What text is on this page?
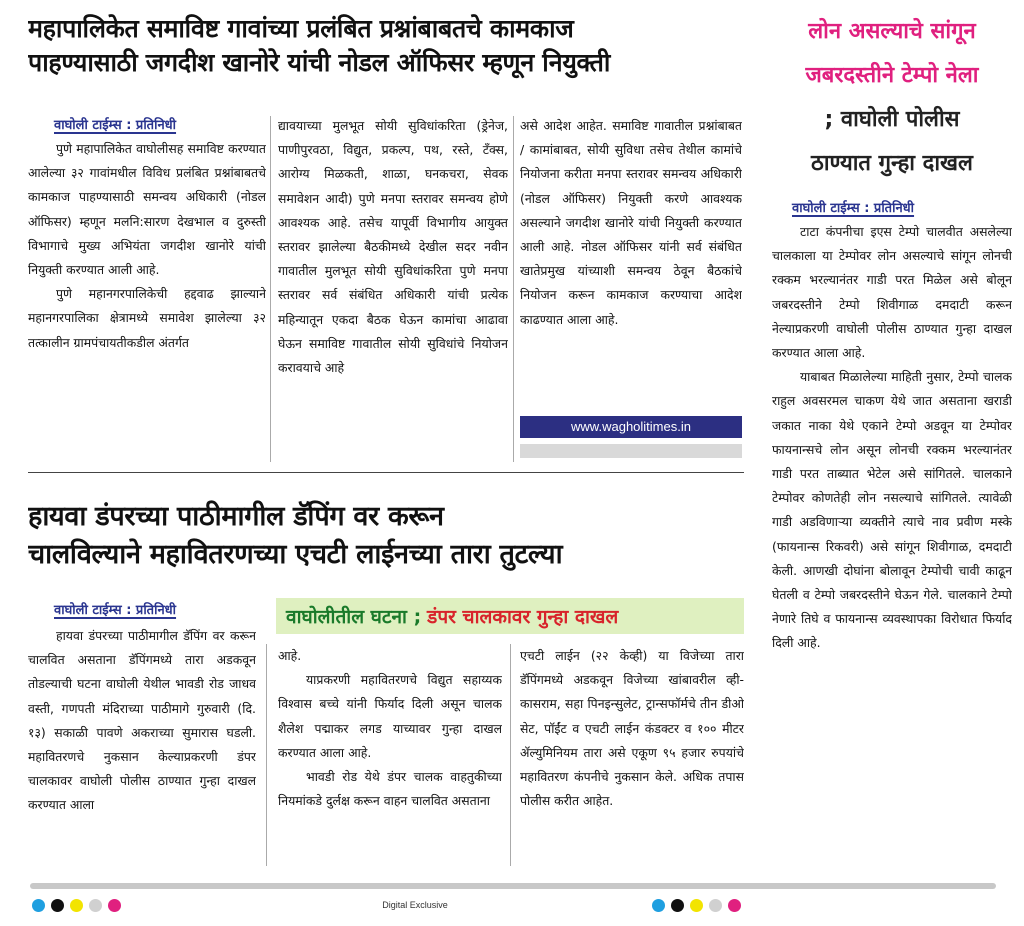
महापालिकेत समाविष्ट गावांच्या प्रलंबित प्रश्नांबाबतचे कामकाज
पाहण्यासाठी जगदीश खानोरे यांची नोडल ऑफिसर म्हणून नियुक्ती
वाघोली टाईम्स : प्रतिनिधी

पुणे महापालिकेत वाघोलीसह समाविष्ट करण्यात आलेल्या ३२ गावांमधील विविध प्रलंबित प्रश्नांबाबतचे कामकाज पाहण्यासाठी समन्वय अधिकारी (नोडल ऑफिसर) म्हणून मलनि:सारण देखभाल व दुरुस्ती विभागाचे मुख्य अभियंता जगदीश खानोरे यांची नियुक्ती करण्यात आली आहे.

पुणे महानगरपालिकेची हद्दवाढ झाल्याने महानगरपालिका क्षेत्रामध्ये समावेश झालेल्या ३२ तत्कालीन ग्रामपंचायतीकडील अंतर्गत

द्यावयाच्या मुलभूत सोयी सुविधांकरिता (ड्रेनेज, पाणीपुरवठा, विद्युत, प्रकल्प, पथ, रस्ते, टँक्स, आरोग्य मिळकती, शाळा, घनकचरा, सेवक समावेशन आदी) पुणे मनपा स्तरावर समन्वय होणे आवश्यक आहे. तसेच यापूर्वी विभागीय आयुक्त स्तरावर झालेल्या बैठकीमध्ये देखील सदर नवीन गावातील मुलभूत सोयी सुविधांकरिता पुणे मनपा स्तरावर सर्व संबंधित अधिकारी यांची प्रत्येक महिन्यातून एकदा बैठक घेऊन कामांचा आढावा घेऊन समाविष्ट गावातील सोयी सुविधांचे नियोजन करावयाचे आहे

असे आदेश आहेत. समाविष्ट गावातील प्रश्नांबाबत / कामांबाबत, सोयी सुविधा तसेच तेथील कामांचे नियोजना करीता मनपा स्तरावर समन्वय अधिकारी (नोडल ऑफिसर) नियुक्ती करणे आवश्यक असल्याने जगदीश खानोरे यांची नियुक्ती करण्यात आली आहे. नोडल ऑफिसर यांनी सर्व संबंधित खातेप्रमुख यांच्याशी समन्वय ठेवून बैठकांचे नियोजन करून कामकाज करण्याचा आदेश काढण्यात आला आहे.

www.wagholitimes.in
हायवा डंपरच्या पाठीमागील डॅपिंग वर करून
चालविल्याने महावितरणच्या एचटी लाईनच्या तारा तुटल्या
वाघोली टाईम्स : प्रतिनिधी	वाघोलीतील घटना ; डंपर चालकावर गुन्हा दाखल

हायवा डंपरच्या पाठीमागील डॅपिंग वर करून चालवित असताना डॅपिंगमध्ये तारा अडकवून तोडल्याची घटना वाघोली येथील भावडी रोड जाधव वस्ती, गणपती मंदिराच्या पाठीमागे गुरुवारी (दि. १३) सकाळी पावणे अकराच्या सुमारास घडली. महावितरणचे नुकसान केल्याप्रकरणी डंपर चालकावर वाघोली पोलीस ठाण्यात गुन्हा दाखल करण्यात आला

आहे.

याप्रकरणी महावितरणचे विद्युत सहाय्यक विश्वास बच्चे यांनी फिर्याद दिली असून चालक शैलेश पद्माकर लगड याच्यावर गुन्हा दाखल करण्यात आला आहे.

भावडी रोड येथे डंपर चालक वाहतुकीच्या नियमांकडे दुर्लक्ष करून वाहन चालवित असताना

एचटी लाईन (२२ केव्ही) या विजेच्या तारा डॅपिंगमध्ये अडकवून विजेच्या खांबावरील व्ही-कासराम, सहा पिनइन्सुलेट, ट्रान्सफॉर्मचे तीन डीओ सेट, पॉईंट व एचटी लाईन कंडक्टर व १०० मीटर ॲल्युमिनियम तारा असे एकूण ९५ हजार रुपयांचे महावितरण कंपनीचे नुकसान केले. अधिक तपास पोलीस करीत आहेत.

लोन असल्याचे सांगून
जबरदस्तीने टेम्पो नेला
; वाघोली पोलीस
ठाण्यात गुन्हा दाखल
वाघोली टाईम्स : प्रतिनिधी

टाटा कंपनीचा इएस टेम्पो चालवीत असलेल्या चालकाला या टेम्पोवर लोन असल्याचे सांगून लोनची रक्कम भरल्यानंतर गाडी परत मिळेल असे बोलून जबरदस्तीने टेम्पो शिवीगाळ दमदाटी करून नेल्याप्रकरणी वाघोली पोलीस ठाण्यात गुन्हा दाखल करण्यात आला आहे.

याबाबत मिळालेल्या माहिती नुसार, टेम्पो चालक राहुल अवसरमल चाकण येथे जात असताना खराडी जकात नाका येथे एकाने टेम्पो अडवून या टेम्पोवर फायनान्सचे लोन असून लोनची रक्कम भरल्यानंतर गाडी परत ताब्यात भेटेल असे सांगितले. चालकाने टेम्पोवर कोणतेही लोन नसल्याचे सांगितले. त्यावेळी गाडी अडविणाऱ्या व्यक्तीने त्याचे नाव प्रवीण मस्के (फायनान्स रिकवरी) असे सांगून शिवीगाळ, दमदाटी केली. आणखी दोघांना बोलावून टेम्पोची चावी काढून घेतली व टेम्पो जबरदस्तीने घेऊन गेले. चालकाने टेम्पो नेणारे तिघे व फायनान्स व्यवस्थापका विरोधात फिर्याद दिली आहे.

Digital Exclusive
